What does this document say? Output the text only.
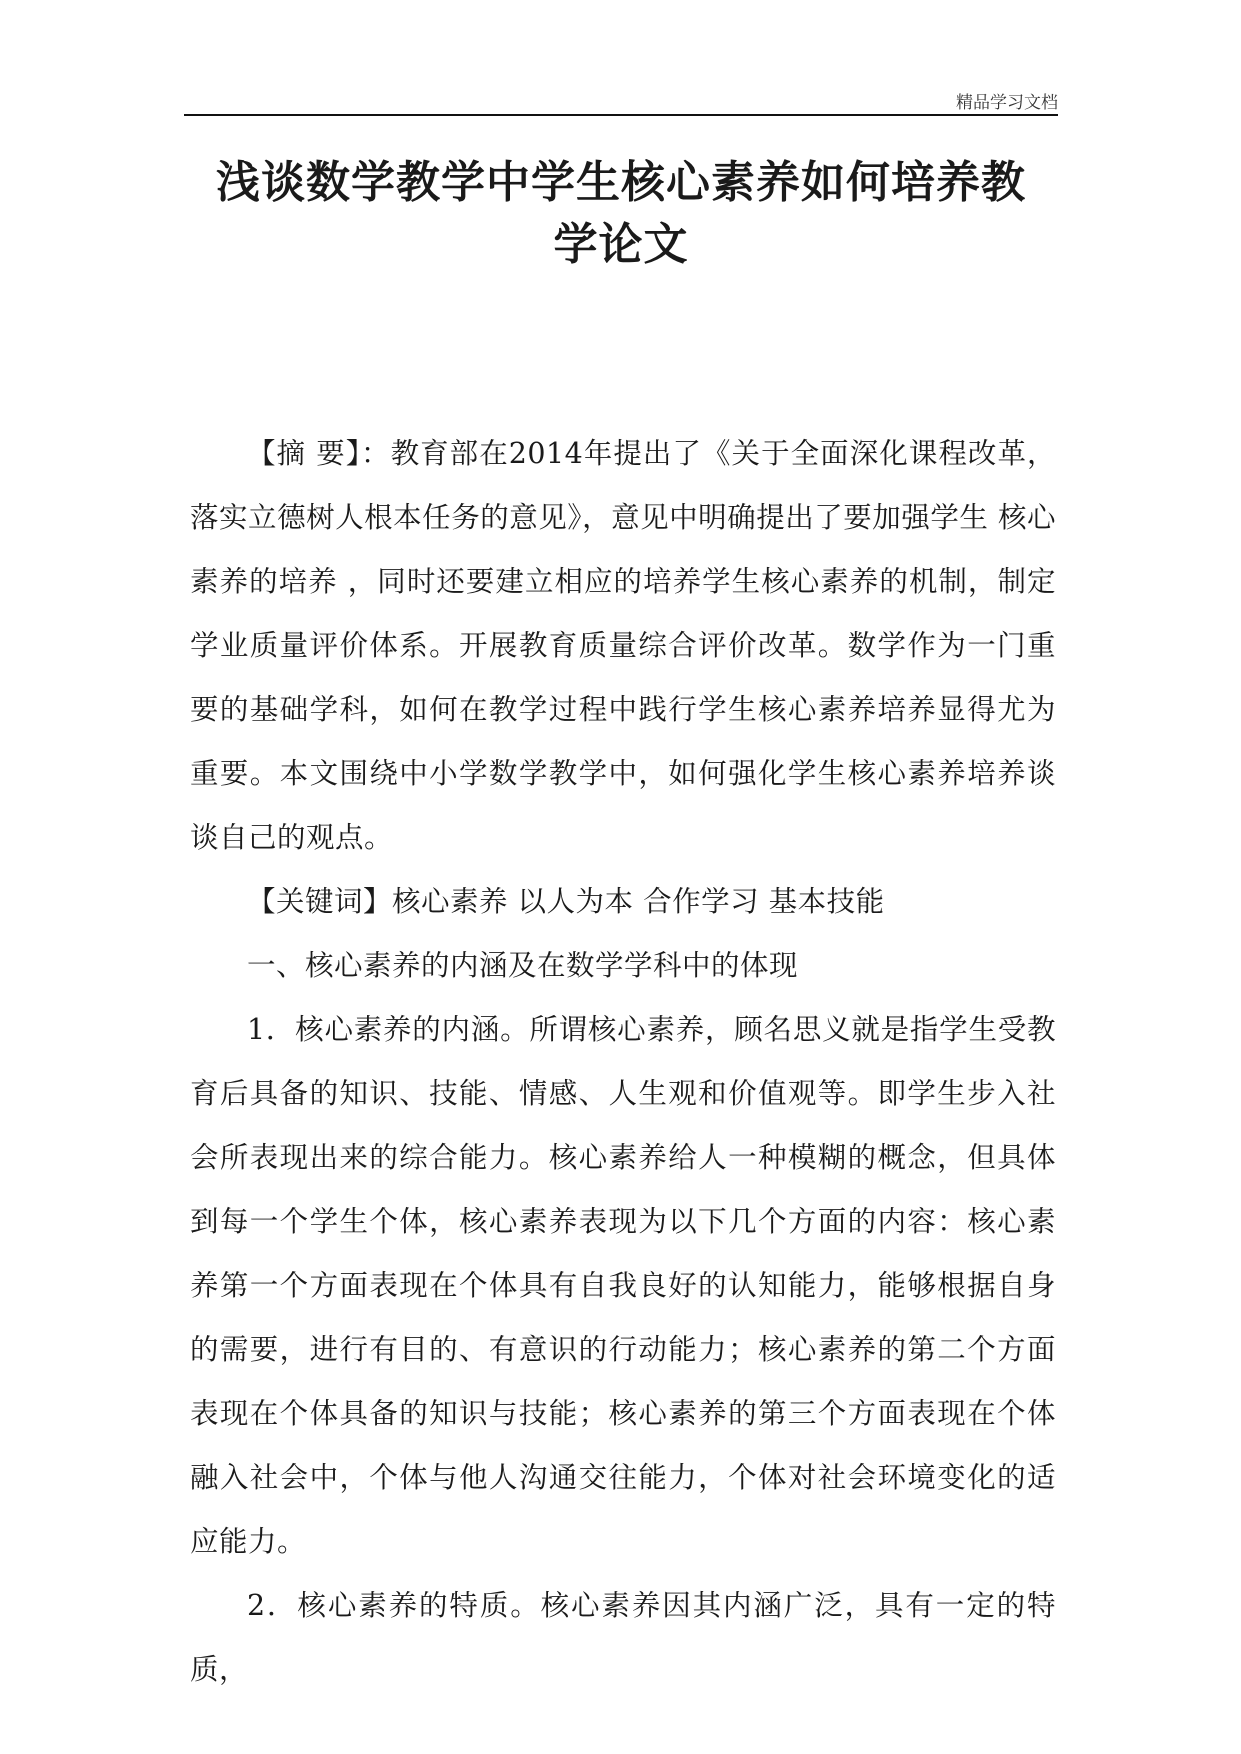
精品学习文档
浅谈数学教学中学生核心素养如何培养教
学论文

【摘 要】：教育部在2014年提出了《关于全面深化课程改革，落实立德树人根本任务的意见》，意见中明确提出了要加强学生 核心素养的培养 ，同时还要建立相应的培养学生核心素养的机制，制定学业质量评价体系。开展教育质量综合评价改革。数学作为一门重要的基础学科，如何在教学过程中践行学生核心素养培养显得尤为重要。本文围绕中小学数学教学中，如何强化学生核心素养培养谈谈自己的观点。

【关键词】核心素养 以人为本 合作学习 基本技能

一、核心素养的内涵及在数学学科中的体现

1．核心素养的内涵。所谓核心素养，顾名思义就是指学生受教育后具备的知识、技能、情感、人生观和价值观等。即学生步入社会所表现出来的综合能力。核心素养给人一种模糊的概念，但具体到每一个学生个体，核心素养表现为以下几个方面的内容：核心素养第一个方面表现在个体具有自我良好的认知能力，能够根据自身的需要，进行有目的、有意识的行动能力；核心素养的第二个方面表现在个体具备的知识与技能；核心素养的第三个方面表现在个体融入社会中，个体与他人沟通交往能力，个体对社会环境变化的适应能力。

2．核心素养的特质。核心素养因其内涵广泛，具有一定的特质，
